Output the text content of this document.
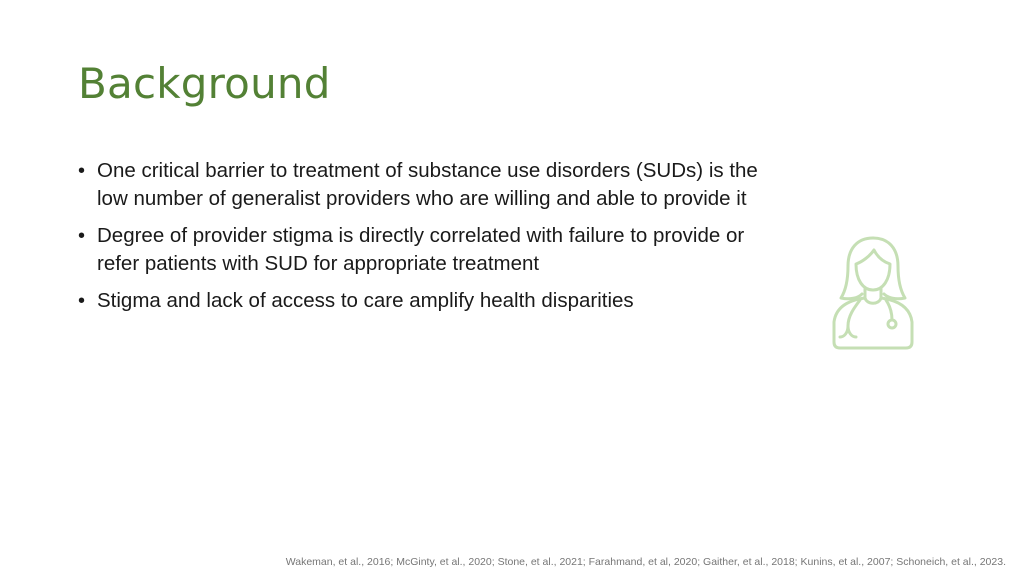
Background
• One critical barrier to treatment of substance use disorders (SUDs) is the low number of generalist providers who are willing and able to provide it
• Degree of provider stigma is directly correlated with failure to provide or refer patients with SUD for appropriate treatment
• Stigma and lack of access to care amplify health disparities
Wakeman, et al., 2016; McGinty, et al., 2020; Stone, et al., 2021; Farahmand, et al, 2020; Gaither, et al., 2018; Kunins, et al., 2007; Schoneich, et al., 2023.
